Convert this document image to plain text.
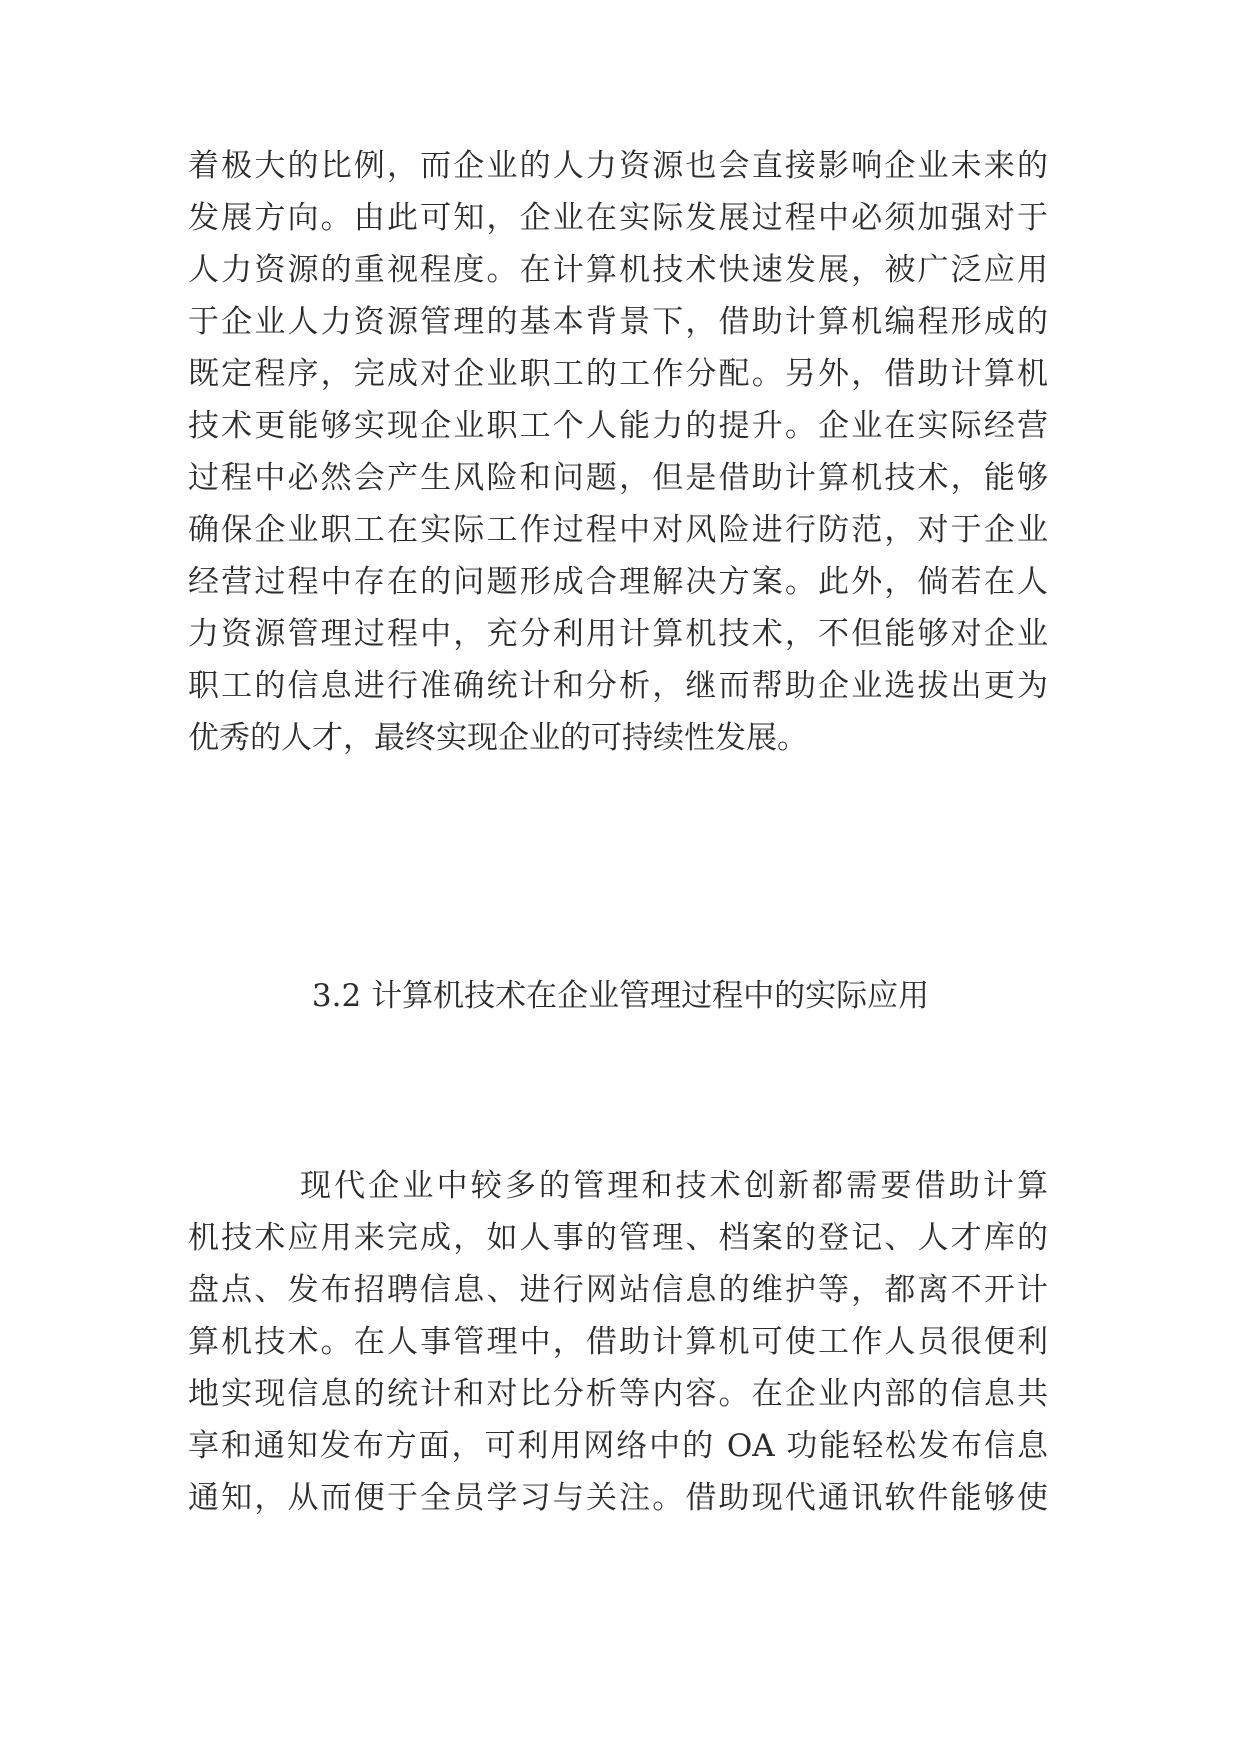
着极大的比例，而企业的人力资源也会直接影响企业未来的
发展方向。由此可知，企业在实际发展过程中必须加强对于
人力资源的重视程度。在计算机技术快速发展，被广泛应用
于企业人力资源管理的基本背景下，借助计算机编程形成的
既定程序，完成对企业职工的工作分配。另外，借助计算机
技术更能够实现企业职工个人能力的提升。企业在实际经营
过程中必然会产生风险和问题，但是借助计算机技术，能够
确保企业职工在实际工作过程中对风险进行防范，对于企业
经营过程中存在的问题形成合理解决方案。此外，倘若在人
力资源管理过程中，充分利用计算机技术，不但能够对企业
职工的信息进行准确统计和分析，继而帮助企业选拔出更为
优秀的人才，最终实现企业的可持续性发展。
3.2 计算机技术在企业管理过程中的实际应用
现代企业中较多的管理和技术创新都需要借助计算
机技术应用来完成，如人事的管理、档案的登记、人才库的
盘点、发布招聘信息、进行网站信息的维护等，都离不开计
算机技术。在人事管理中，借助计算机可使工作人员很便利
地实现信息的统计和对比分析等内容。在企业内部的信息共
享和通知发布方面，可利用网络中的 OA 功能轻松发布信息
通知，从而便于全员学习与关注。借助现代通讯软件能够使
